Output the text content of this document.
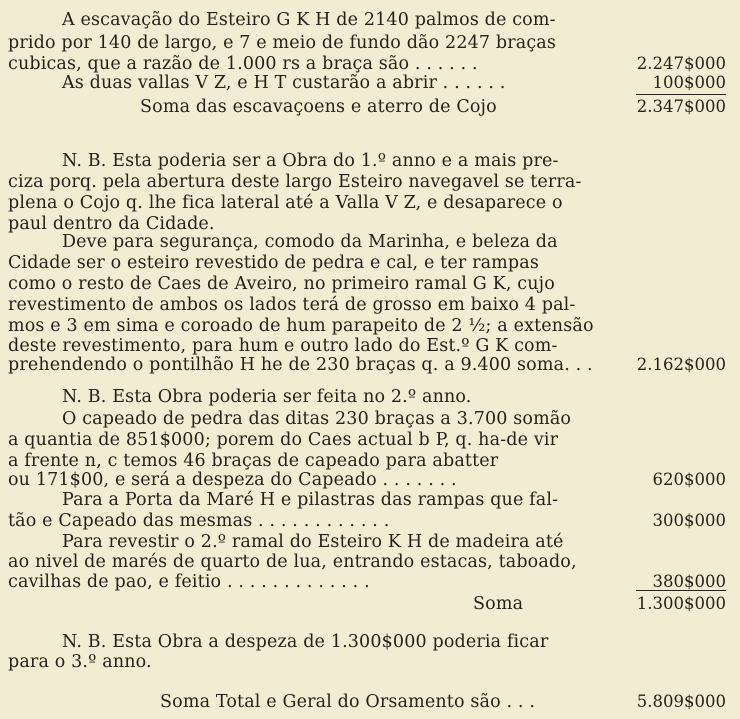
A escavação do Esteiro G K H de 2140 palmos de com-
prido por 140 de largo, e 7 e meio de fundo dão 2247 braças
cubicas, que a razão de 1.000 rs a braça são . . . . . .	2.247$000
As duas vallas V Z, e H T custarão a abrir . . . . . .	100$000
Soma das escavaçoens e aterro de Cojo	2.347$000
N. B. Esta poderia ser a Obra do 1.º anno e a mais pre-
ciza porq. pela abertura deste largo Esteiro navegavel se terra-
plena o Cojo q. lhe fica lateral até a Valla V Z, e desaparece o
paul dentro da Cidade.
Deve para segurança, comodo da Marinha, e beleza da
Cidade ser o esteiro revestido de pedra e cal, e ter rampas
como o resto de Caes de Aveiro, no primeiro ramal G K, cujo
revestimento de ambos os lados terá de grosso em baixo 4 pal-
mos e 3 em sima e coroado de hum parapeito de 2 ½; a extensão
deste revestimento, para hum e outro lado do Est.º G K com-
prehendendo o pontilhão H he de 230 braças q. a 9.400 soma. . .	2.162$000
N. B. Esta Obra poderia ser feita no 2.º anno.
O capeado de pedra das ditas 230 braças a 3.700 somão
a quantia de 851$000; porem do Caes actual b P, q. ha-de vir
a frente n, c temos 46 braças de capeado para abatter
ou 171$00, e será a despeza do Capeado . . . . . . .	620$000
Para a Porta da Maré H e pilastras das rampas que fal-
tão e Capeado das mesmas . . . . . . . . . . . .	300$000
Para revestir o 2.º ramal do Esteiro K H de madeira até
ao nivel de marés de quarto de lua, entrando estacas, taboado,
cavilhas de pao, e feitio . . . . . . . . . . . . .	380$000
Soma	1.300$000
N. B. Esta Obra a despeza de 1.300$000 poderia ficar
para o 3.º anno.
Soma Total e Geral do Orsamento são . . .	5.809$000
